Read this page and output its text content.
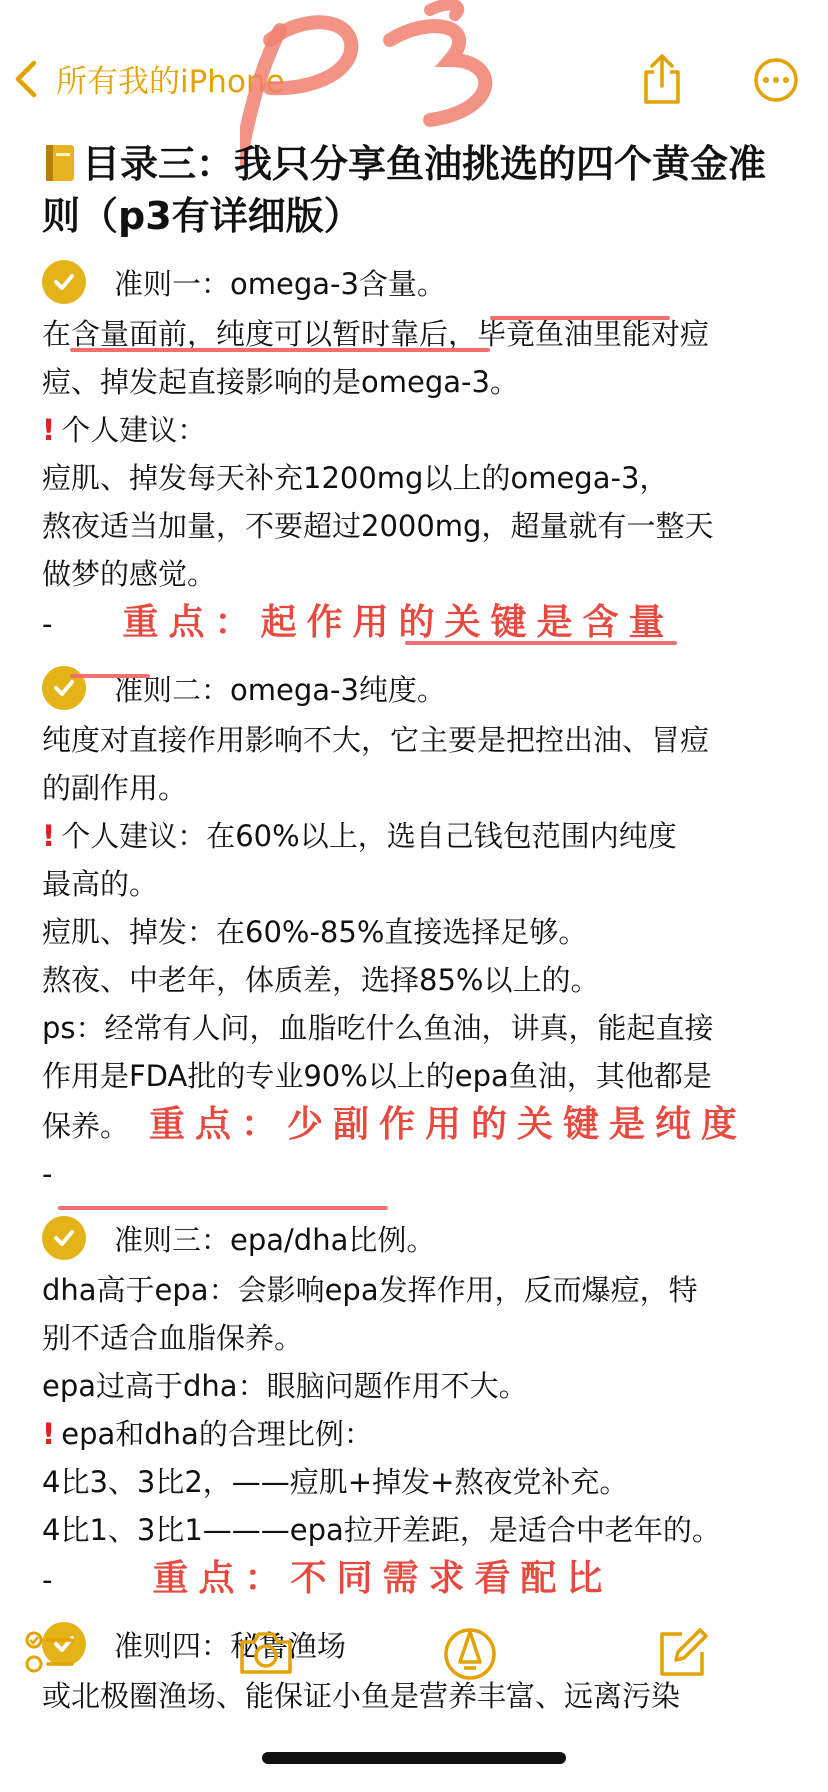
所有我的iPhone
目录三：我只分享鱼油挑选的四个黄金准则（p3有详细版）
准则一：omega-3含量。

在含量面前，纯度可以暂时靠后，毕竟鱼油里能对痘

痘、掉发起直接影响的是omega-3。

! 个人建议：

痘肌、掉发每天补充1200mg以上的omega-3，

熬夜适当加量，不要超过2000mg，超量就有一整天

做梦的感觉。

- 重点：起作用的关键是含量

准则二：omega-3纯度。

纯度对直接作用影响不大，它主要是把控出油、冒痘

的副作用。

! 个人建议：在60%以上，选自己钱包范围内纯度

最高的。

痘肌、掉发：在60%-85%直接选择足够。

熬夜、中老年，体质差，选择85%以上的。

ps：经常有人问，血脂吃什么鱼油，讲真，能起直接

作用是FDA批的专业90%以上的epa鱼油，其他都是

保养。 重点：少副作用的关键是纯度

-

准则三：epa/dha比例。

dha高于epa：会影响epa发挥作用，反而爆痘，特

别不适合血脂保养。

epa过高于dha：眼脑问题作用不大。

! epa和dha的合理比例：

4比3、3比2，——痘肌+掉发+熬夜党补充。

4比1、3比1———epa拉开差距，是适合中老年的。

-	重点：不同需求看配比

准则四：秘鲁渔场

或北极圈渔场、能保证小鱼是营养丰富、远离污染
